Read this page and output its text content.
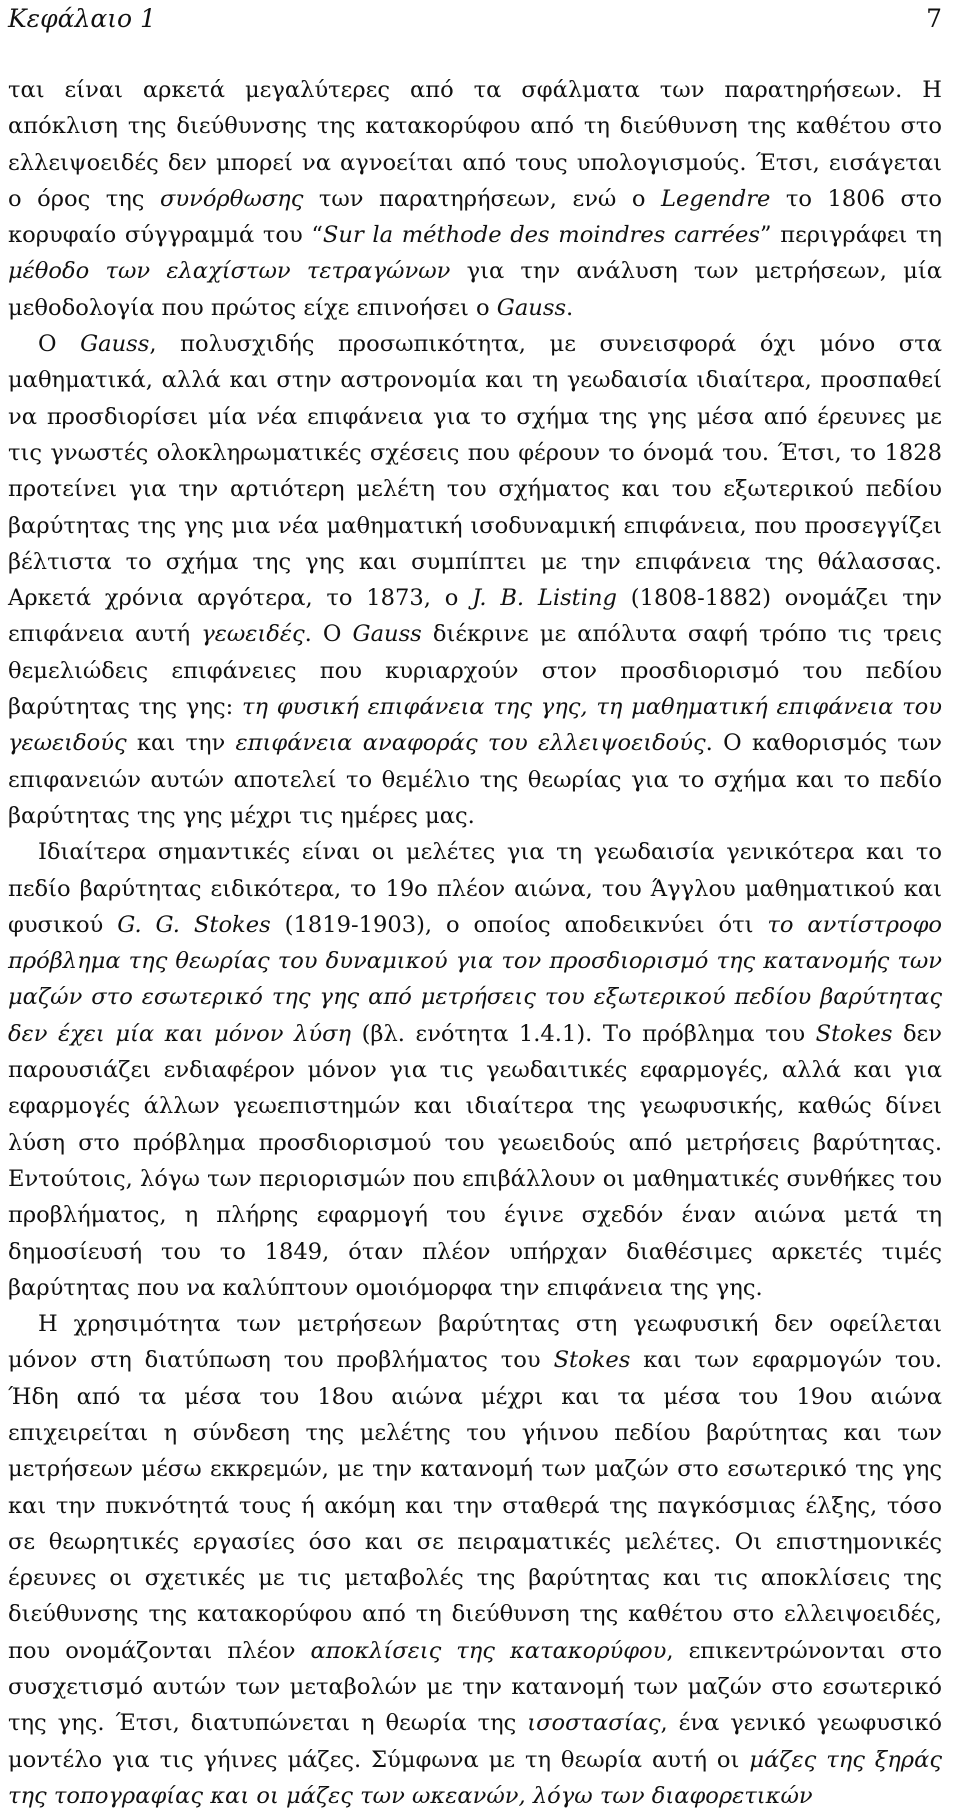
Κεφάλαιο 1	7

ται είναι αρκετά μεγαλύτερες από τα σφάλματα των παρατηρήσεων. Η απόκλιση της διεύθυνσης της κατακορύφου από τη διεύθυνση της καθέτου στο ελλειψοειδές δεν μπορεί να αγνοείται από τους υπολογισμούς. Έτσι, εισάγεται ο όρος της συνόρθωσης των παρατηρήσεων, ενώ ο Legendre το 1806 στο κορυφαίο σύγγραμμά του “Sur la méthode des moindres carrées” περιγράφει τη μέθοδο των ελαχίστων τετραγώνων για την ανάλυση των μετρήσεων, μία μεθοδολογία που πρώτος είχε επινοήσει ο Gauss.

Ο Gauss, πολυσχιδής προσωπικότητα, με συνεισφορά όχι μόνο στα μαθηματικά, αλλά και στην αστρονομία και τη γεωδαισία ιδιαίτερα, προσπαθεί να προσδιορίσει μία νέα επιφάνεια για το σχήμα της γης μέσα από έρευνες με τις γνωστές ολοκληρωματικές σχέσεις που φέρουν το όνομά του. Έτσι, το 1828 προτείνει για την αρτιότερη μελέτη του σχήματος και του εξωτερικού πεδίου βαρύτητας της γης μια νέα μαθηματική ισοδυναμική επιφάνεια, που προσεγγίζει βέλτιστα το σχήμα της γης και συμπίπτει με την επιφάνεια της θάλασσας. Αρκετά χρόνια αργότερα, το 1873, ο J. B. Listing (1808-1882) ονομάζει την επιφάνεια αυτή γεωειδές. Ο Gauss διέκρινε με απόλυτα σαφή τρόπο τις τρεις θεμελιώδεις επιφάνειες που κυριαρχούν στον προσδιορισμό του πεδίου βαρύτητας της γης: τη φυσική επιφάνεια της γης, τη μαθηματική επιφάνεια του γεωειδούς και την επιφάνεια αναφοράς του ελλειψοειδούς. Ο καθορισμός των επιφανειών αυτών αποτελεί το θεμέλιο της θεωρίας για το σχήμα και το πεδίο βαρύτητας της γης μέχρι τις ημέρες μας.

Ιδιαίτερα σημαντικές είναι οι μελέτες για τη γεωδαισία γενικότερα και το πεδίο βαρύτητας ειδικότερα, το 19ο πλέον αιώνα, του Άγγλου μαθηματικού και φυσικού G. G. Stokes (1819-1903), ο οποίος αποδεικνύει ότι το αντίστροφο πρόβλημα της θεωρίας του δυναμικού για τον προσδιορισμό της κατανομής των μαζών στο εσωτερικό της γης από μετρήσεις του εξωτερικού πεδίου βαρύτητας δεν έχει μία και μόνον λύση (βλ. ενότητα 1.4.1). Το πρόβλημα του Stokes δεν παρουσιάζει ενδιαφέρον μόνον για τις γεωδαιτικές εφαρμογές, αλλά και για εφαρμογές άλλων γεωεπιστημών και ιδιαίτερα της γεωφυσικής, καθώς δίνει λύση στο πρόβλημα προσδιορισμού του γεωειδούς από μετρήσεις βαρύτητας. Εντούτοις, λόγω των περιορισμών που επιβάλλουν οι μαθηματικές συνθήκες του προβλήματος, η πλήρης εφαρμογή του έγινε σχεδόν έναν αιώνα μετά τη δημοσίευσή του το 1849, όταν πλέον υπήρχαν διαθέσιμες αρκετές τιμές βαρύτητας που να καλύπτουν ομοιόμορφα την επιφάνεια της γης.

Η χρησιμότητα των μετρήσεων βαρύτητας στη γεωφυσική δεν οφείλεται μόνον στη διατύπωση του προβλήματος του Stokes και των εφαρμογών του. Ήδη από τα μέσα του 18ου αιώνα μέχρι και τα μέσα του 19ου αιώνα επιχειρείται η σύνδεση της μελέτης του γήινου πεδίου βαρύτητας και των μετρήσεων μέσω εκκρεμών, με την κατανομή των μαζών στο εσωτερικό της γης και την πυκνότητά τους ή ακόμη και την σταθερά της παγκόσμιας έλξης, τόσο σε θεωρητικές εργασίες όσο και σε πειραματικές μελέτες. Οι επιστημονικές έρευνες οι σχετικές με τις μεταβολές της βαρύτητας και τις αποκλίσεις της διεύθυνσης της κατακορύφου από τη διεύθυνση της καθέτου στο ελλειψοειδές, που ονομάζονται πλέον αποκλίσεις της κατακορύφου, επικεντρώνονται στο συσχετισμό αυτών των μεταβολών με την κατανομή των μαζών στο εσωτερικό της γης. Έτσι, διατυπώνεται η θεωρία της ισοστασίας, ένα γενικό γεωφυσικό μοντέλο για τις γήινες μάζες. Σύμφωνα με τη θεωρία αυτή οι μάζες της ξηράς της τοπογραφίας και οι μάζες των ωκεανών, λόγω των διαφορετικών
